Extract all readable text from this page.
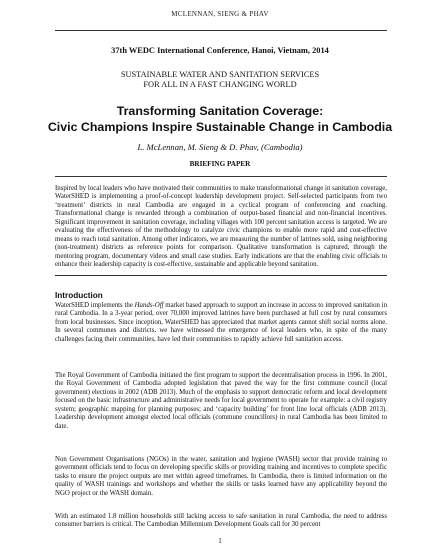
MCLENNAN, SIENG & PHAV
37th WEDC International Conference, Hanoi, Vietnam, 2014
SUSTAINABLE WATER AND SANITATION SERVICES
FOR ALL IN A FAST CHANGING WORLD
Transforming Sanitation Coverage:
Civic Champions Inspire Sustainable Change in Cambodia
L. McLennan, M. Sieng & D. Phav, (Cambodia)
BRIEFING PAPER

Inspired by local leaders who have motivated their communities to make transformational change in sanitation coverage, WaterSHED is implementing a proof-of-concept leadership development project. Self-selected participants from two ‘treatment’ districts in rural Cambodia are engaged in a cyclical program of conferencing and coaching. Transformational change is rewarded through a combination of output-based financial and non-financial incentives. Significant improvement in sanitation coverage, including villages with 100 percent sanitation access is targeted. We are evaluating the effectiveness of the methodology to catalyze civic champions to enable more rapid and cost-effective means to reach total sanitation. Among other indicators, we are measuring the number of latrines sold, using neighboring (non-treatment) districts as reference points for comparison. Qualitative transformation is captured, through the mentoring program, documentary videos and small case studies. Early indications are that the enabling civic officials to enhance their leadership capacity is cost-effective, sustainable and applicable beyond sanitation.

Introduction

WaterSHED implements the Hands-Off market based approach to support an increase in access to improved sanitation in rural Cambodia. In a 3-year period, over 70,000 improved latrines have been purchased at full cost by rural consumers from local businesses. Since inception, WaterSHED has appreciated that market agents cannot shift social norms alone. In several communes and districts, we have witnessed the emergence of local leaders who, in spite of the many challenges facing their communities, have led their communities to rapidly achieve full sanitation access.

The Royal Government of Cambodia initiated the first program to support the decentralisation process in 1996. In 2001, the Royal Government of Cambodia adopted legislation that paved the way for the first commune council (local government) elections in 2002 (ADB 2013). Much of the emphasis to support democratic reform and local development focused on the basic infrastructure and administrative needs for local government to operate for example: a civil registry system; geographic mapping for planning purposes; and ‘capacity building’ for front line local officials (ADB 2013). Leadership development amongst elected local officials (commune councillors) in rural Cambodia has been limited to date.

Non Government Organisations (NGOs) in the water, sanitation and hygiene (WASH) sector that provide training to government officials tend to focus on developing specific skills or providing training and incentives to complete specific tasks to ensure the project outputs are met within agreed timeframes. In Cambodia, there is limited information on the quality of WASH trainings and workshops and whether the skills or tasks learned have any applicability beyond the NGO project or the WASH domain.

With an estimated 1.8 million households still lacking access to safe sanitation in rural Cambodia, the need to address consumer barriers is critical. The Cambodian Millennium Development Goals call for 30 percent

1
